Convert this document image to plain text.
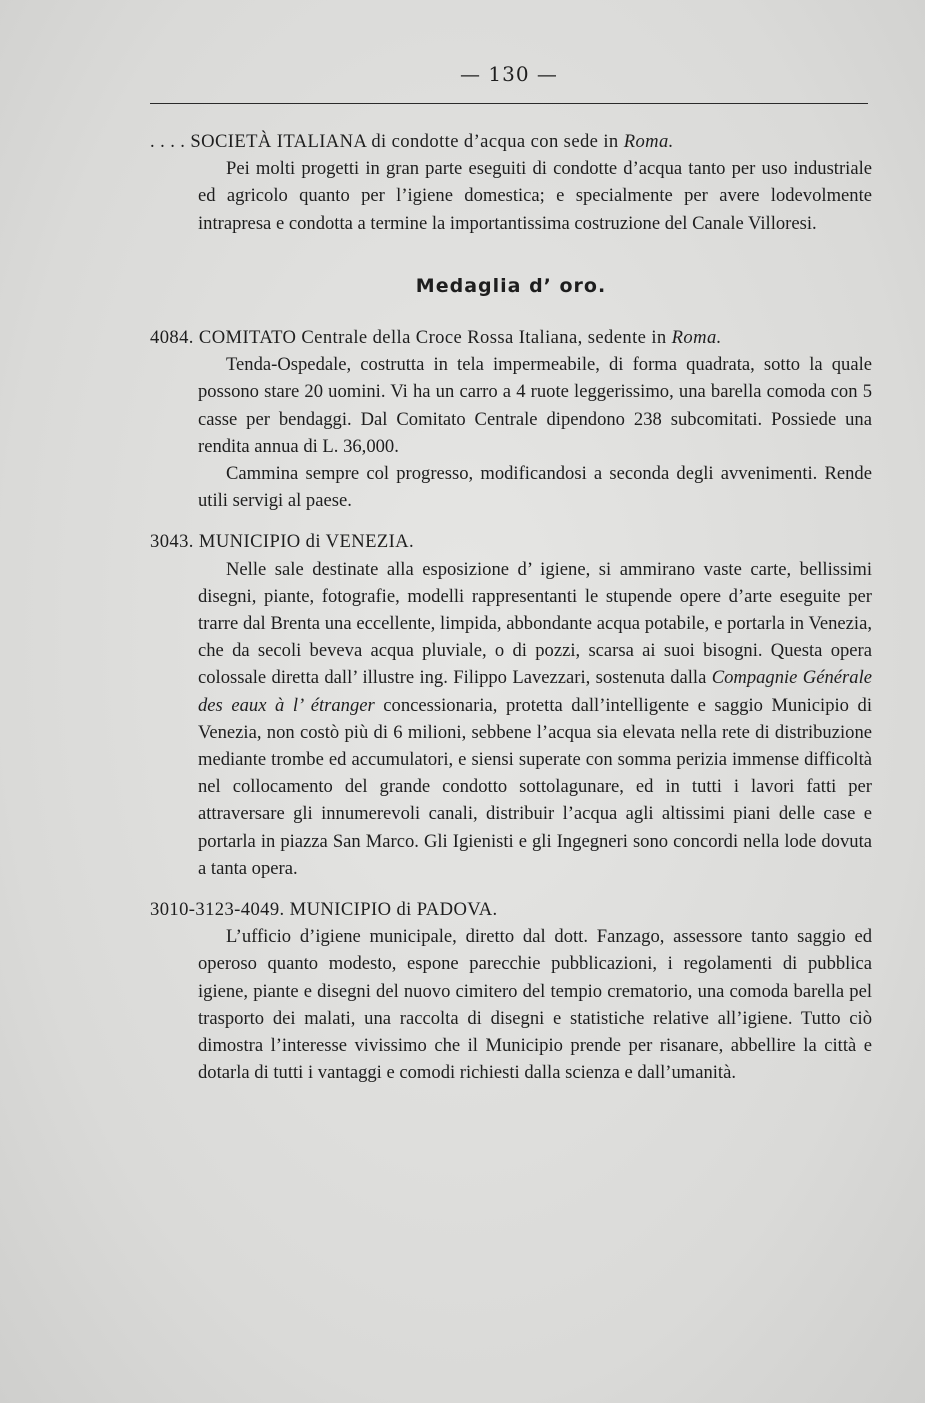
— 130 —

. . . . SOCIETÀ ITALIANA di condotte d’acqua con sede in Roma.

Pei molti progetti in gran parte eseguiti di condotte d’acqua tanto per uso industriale ed agricolo quanto per l’igiene domestica; e specialmente per avere lodevolmente intrapresa e condotta a termine la importantissima costruzione del Canale Villoresi.

Medaglia d’ oro.

4084. COMITATO Centrale della Croce Rossa Italiana, sedente in Roma.

Tenda-Ospedale, costrutta in tela impermeabile, di forma quadrata, sotto la quale possono stare 20 uomini. Vi ha un carro a 4 ruote leggerissimo, una barella comoda con 5 casse per bendaggi. Dal Comitato Centrale dipendono 238 subcomitati. Possiede una rendita annua di L. 36,000.

Cammina sempre col progresso, modificandosi a seconda degli avvenimenti. Rende utili servigi al paese.

3043. MUNICIPIO di VENEZIA.

Nelle sale destinate alla esposizione d’ igiene, si ammirano vaste carte, bellissimi disegni, piante, fotografie, modelli rappresentanti le stupende opere d’arte eseguite per trarre dal Brenta una eccellente, limpida, abbondante acqua potabile, e portarla in Venezia, che da secoli beveva acqua pluviale, o di pozzi, scarsa ai suoi bisogni. Questa opera colossale diretta dall’ illustre ing. Filippo Lavezzari, sostenuta dalla Compagnie Générale des eaux à l’ étranger concessionaria, protetta dall’intelligente e saggio Municipio di Venezia, non costò più di 6 milioni, sebbene l’acqua sia elevata nella rete di distribuzione mediante trombe ed accumulatori, e siensi superate con somma perizia immense difficoltà nel collocamento del grande condotto sottolagunare, ed in tutti i lavori fatti per attraversare gli innumerevoli canali, distribuir l’acqua agli altissimi piani delle case e portarla in piazza San Marco. Gli Igienisti e gli Ingegneri sono concordi nella lode dovuta a tanta opera.

3010-3123-4049. MUNICIPIO di PADOVA.

L’ufficio d’igiene municipale, diretto dal dott. Fanzago, assessore tanto saggio ed operoso quanto modesto, espone parecchie pubblicazioni, i regolamenti di pubblica igiene, piante e disegni del nuovo cimitero del tempio crematorio, una comoda barella pel trasporto dei malati, una raccolta di disegni e statistiche relative all’igiene. Tutto ciò dimostra l’interesse vivissimo che il Municipio prende per risanare, abbellire la città e dotarla di tutti i vantaggi e comodi richiesti dalla scienza e dall’umanità.
